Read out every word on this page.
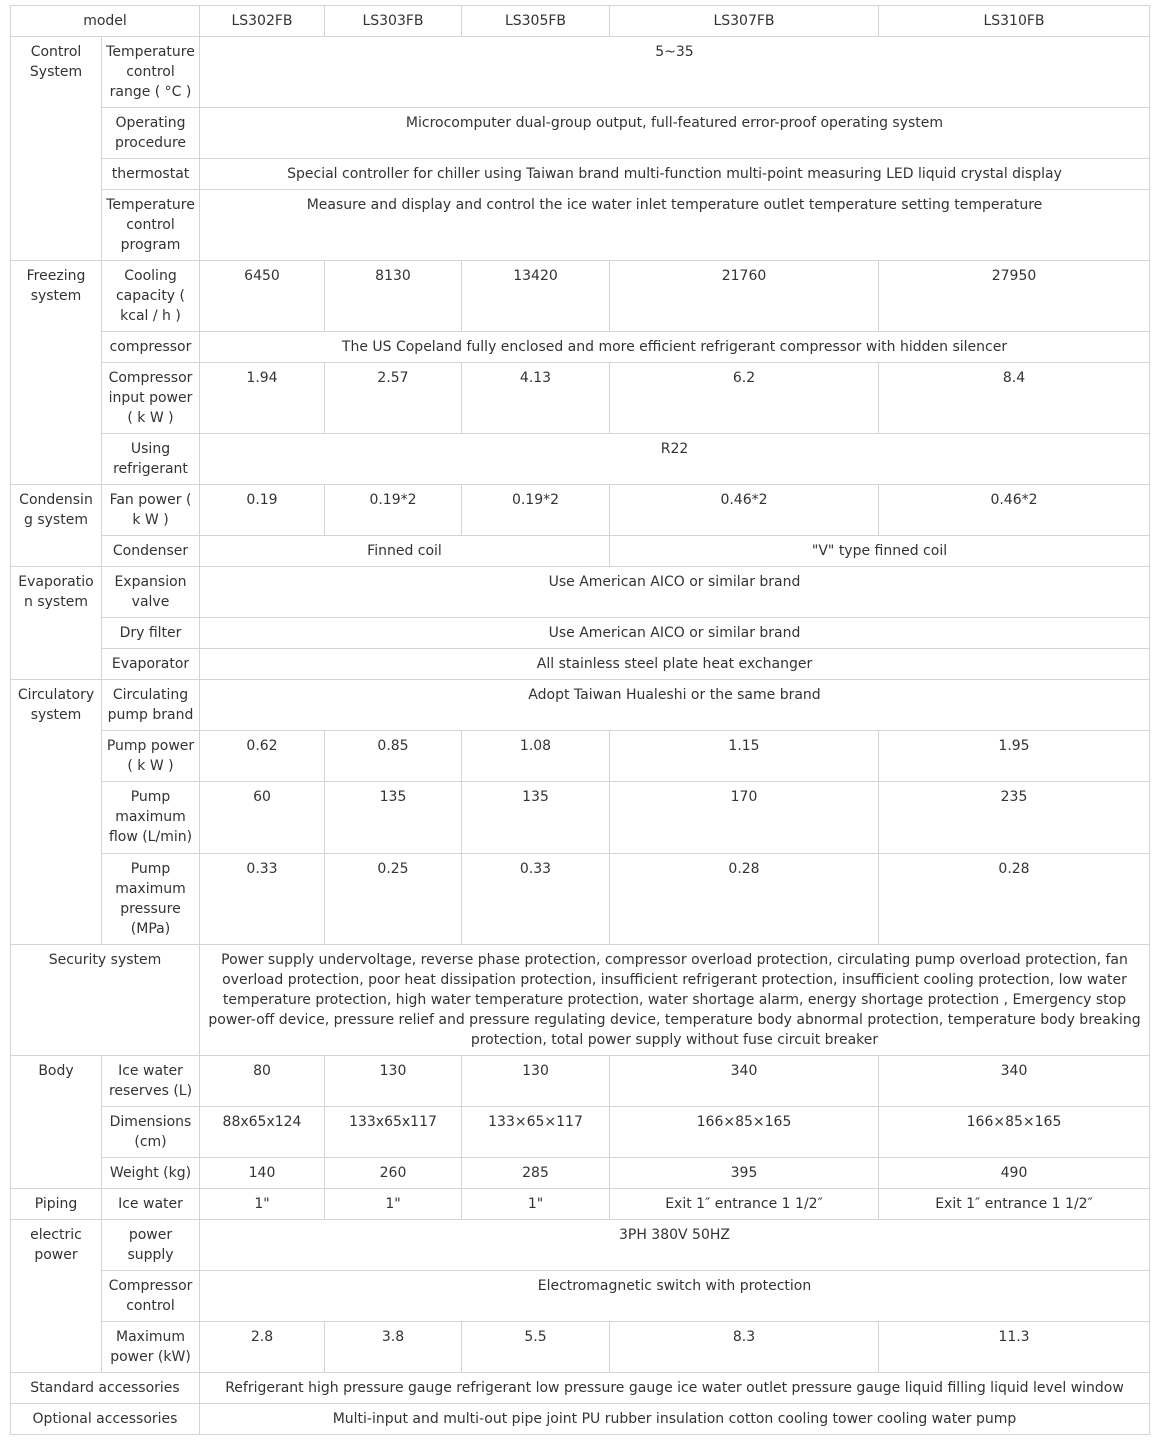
model		LS302FB	LS303FB	LS305FB	LS307FB	LS310FB
Control System	Temperature control range ( °C )	5~35				
	Operating procedure	Microcomputer dual-group output, full-featured error-proof operating system				
	thermostat	Special controller for chiller using Taiwan brand multi-function multi-point measuring LED liquid crystal display				
	Temperature control program	Measure and display and control the ice water inlet temperature outlet temperature setting temperature				
Freezing system	Cooling capacity ( kcal / h )	6450	8130	13420	21760	27950
	compressor	The US Copeland fully enclosed and more efficient refrigerant compressor with hidden silencer				
	Compressor input power ( k W )	1.94	2.57	4.13	6.2	8.4
	Using refrigerant	R22				
Condensing system	Fan power ( k W )	0.19	0.19*2	0.19*2	0.46*2	0.46*2
	Condenser	Finned coil			"V" type finned coil	
Evaporation system	Expansion valve	Use American AICO or similar brand				
	Dry filter	Use American AICO or similar brand				
	Evaporator	All stainless steel plate heat exchanger				
Circulatory system	Circulating pump brand	Adopt Taiwan Hualeshi or the same brand				
	Pump power ( k W )	0.62	0.85	1.08	1.15	1.95
	Pump maximum flow (L/min)	60	135	135	170	235
	Pump maximum pressure (MPa)	0.33	0.25	0.33	0.28	0.28
Security system		Power supply undervoltage, reverse phase protection, compressor overload protection, circulating pump overload protection, fan overload protection, poor heat dissipation protection, insufficient refrigerant protection, insufficient cooling protection, low water temperature protection, high water temperature protection, water shortage alarm, energy shortage protection , Emergency stop power-off device, pressure relief and pressure regulating device, temperature body abnormal protection, temperature body breaking protection, total power supply without fuse circuit breaker				
Body	Ice water reserves (L)	80	130	130	340	340
	Dimensions (cm)	88x65x124	133x65x117	133×65×117	166×85×165	166×85×165
	Weight (kg)	140	260	285	395	490
Piping	Ice water	1"	1"	1"	Exit 1″ entrance 1 1/2″	Exit 1″ entrance 1 1/2″
electric power	power supply	3PH 380V 50HZ				
	Compressor control	Electromagnetic switch with protection				
	Maximum power (kW)	2.8	3.8	5.5	8.3	11.3
Standard accessories		Refrigerant high pressure gauge refrigerant low pressure gauge ice water outlet pressure gauge liquid filling liquid level window				
Optional accessories		Multi-input and multi-out pipe joint PU rubber insulation cotton cooling tower cooling water pump				
